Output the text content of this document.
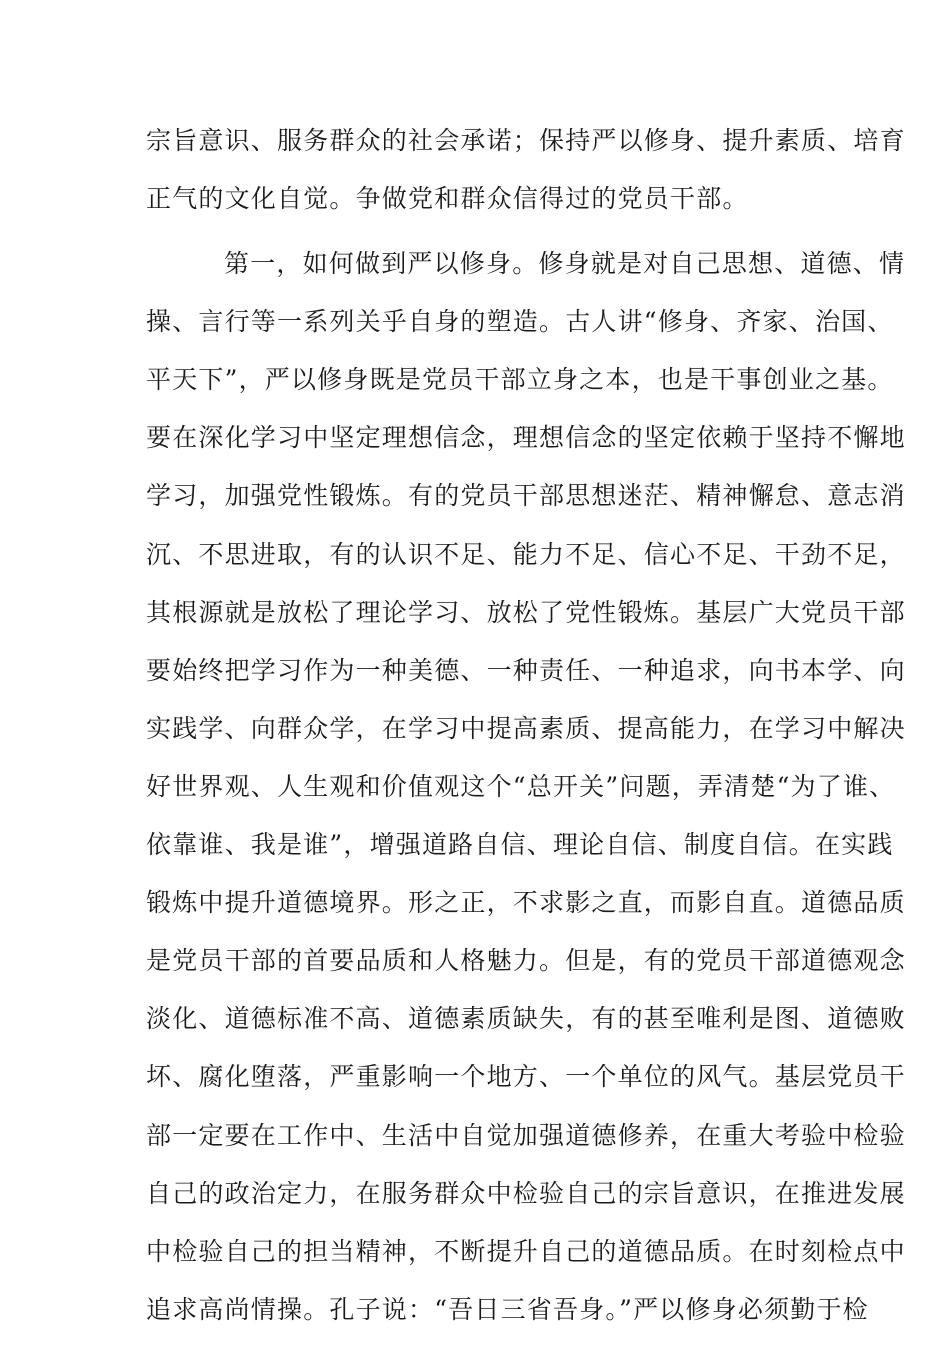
宗旨意识、服务群众的社会承诺；保持严以修身、提升素质、培育
正气的文化自觉。争做党和群众信得过的党员干部。
第一，如何做到严以修身。修身就是对自己思想、道德、情
操、言行等一系列关乎自身的塑造。古人讲“修身、齐家、治国、
平天下”，严以修身既是党员干部立身之本，也是干事创业之基。
要在深化学习中坚定理想信念，理想信念的坚定依赖于坚持不懈地
学习，加强党性锻炼。有的党员干部思想迷茫、精神懈怠、意志消
沉、不思进取，有的认识不足、能力不足、信心不足、干劲不足，
其根源就是放松了理论学习、放松了党性锻炼。基层广大党员干部
要始终把学习作为一种美德、一种责任、一种追求，向书本学、向
实践学、向群众学，在学习中提高素质、提高能力，在学习中解决
好世界观、人生观和价值观这个“总开关”问题，弄清楚“为了谁、
依靠谁、我是谁”，增强道路自信、理论自信、制度自信。在实践
锻炼中提升道德境界。形之正，不求影之直，而影自直。道德品质
是党员干部的首要品质和人格魅力。但是，有的党员干部道德观念
淡化、道德标准不高、道德素质缺失，有的甚至唯利是图、道德败
坏、腐化堕落，严重影响一个地方、一个单位的风气。基层党员干
部一定要在工作中、生活中自觉加强道德修养，在重大考验中检验
自己的政治定力，在服务群众中检验自己的宗旨意识，在推进发展
中检验自己的担当精神，不断提升自己的道德品质。在时刻检点中
追求高尚情操。孔子说：“吾日三省吾身。”严以修身必须勤于检
